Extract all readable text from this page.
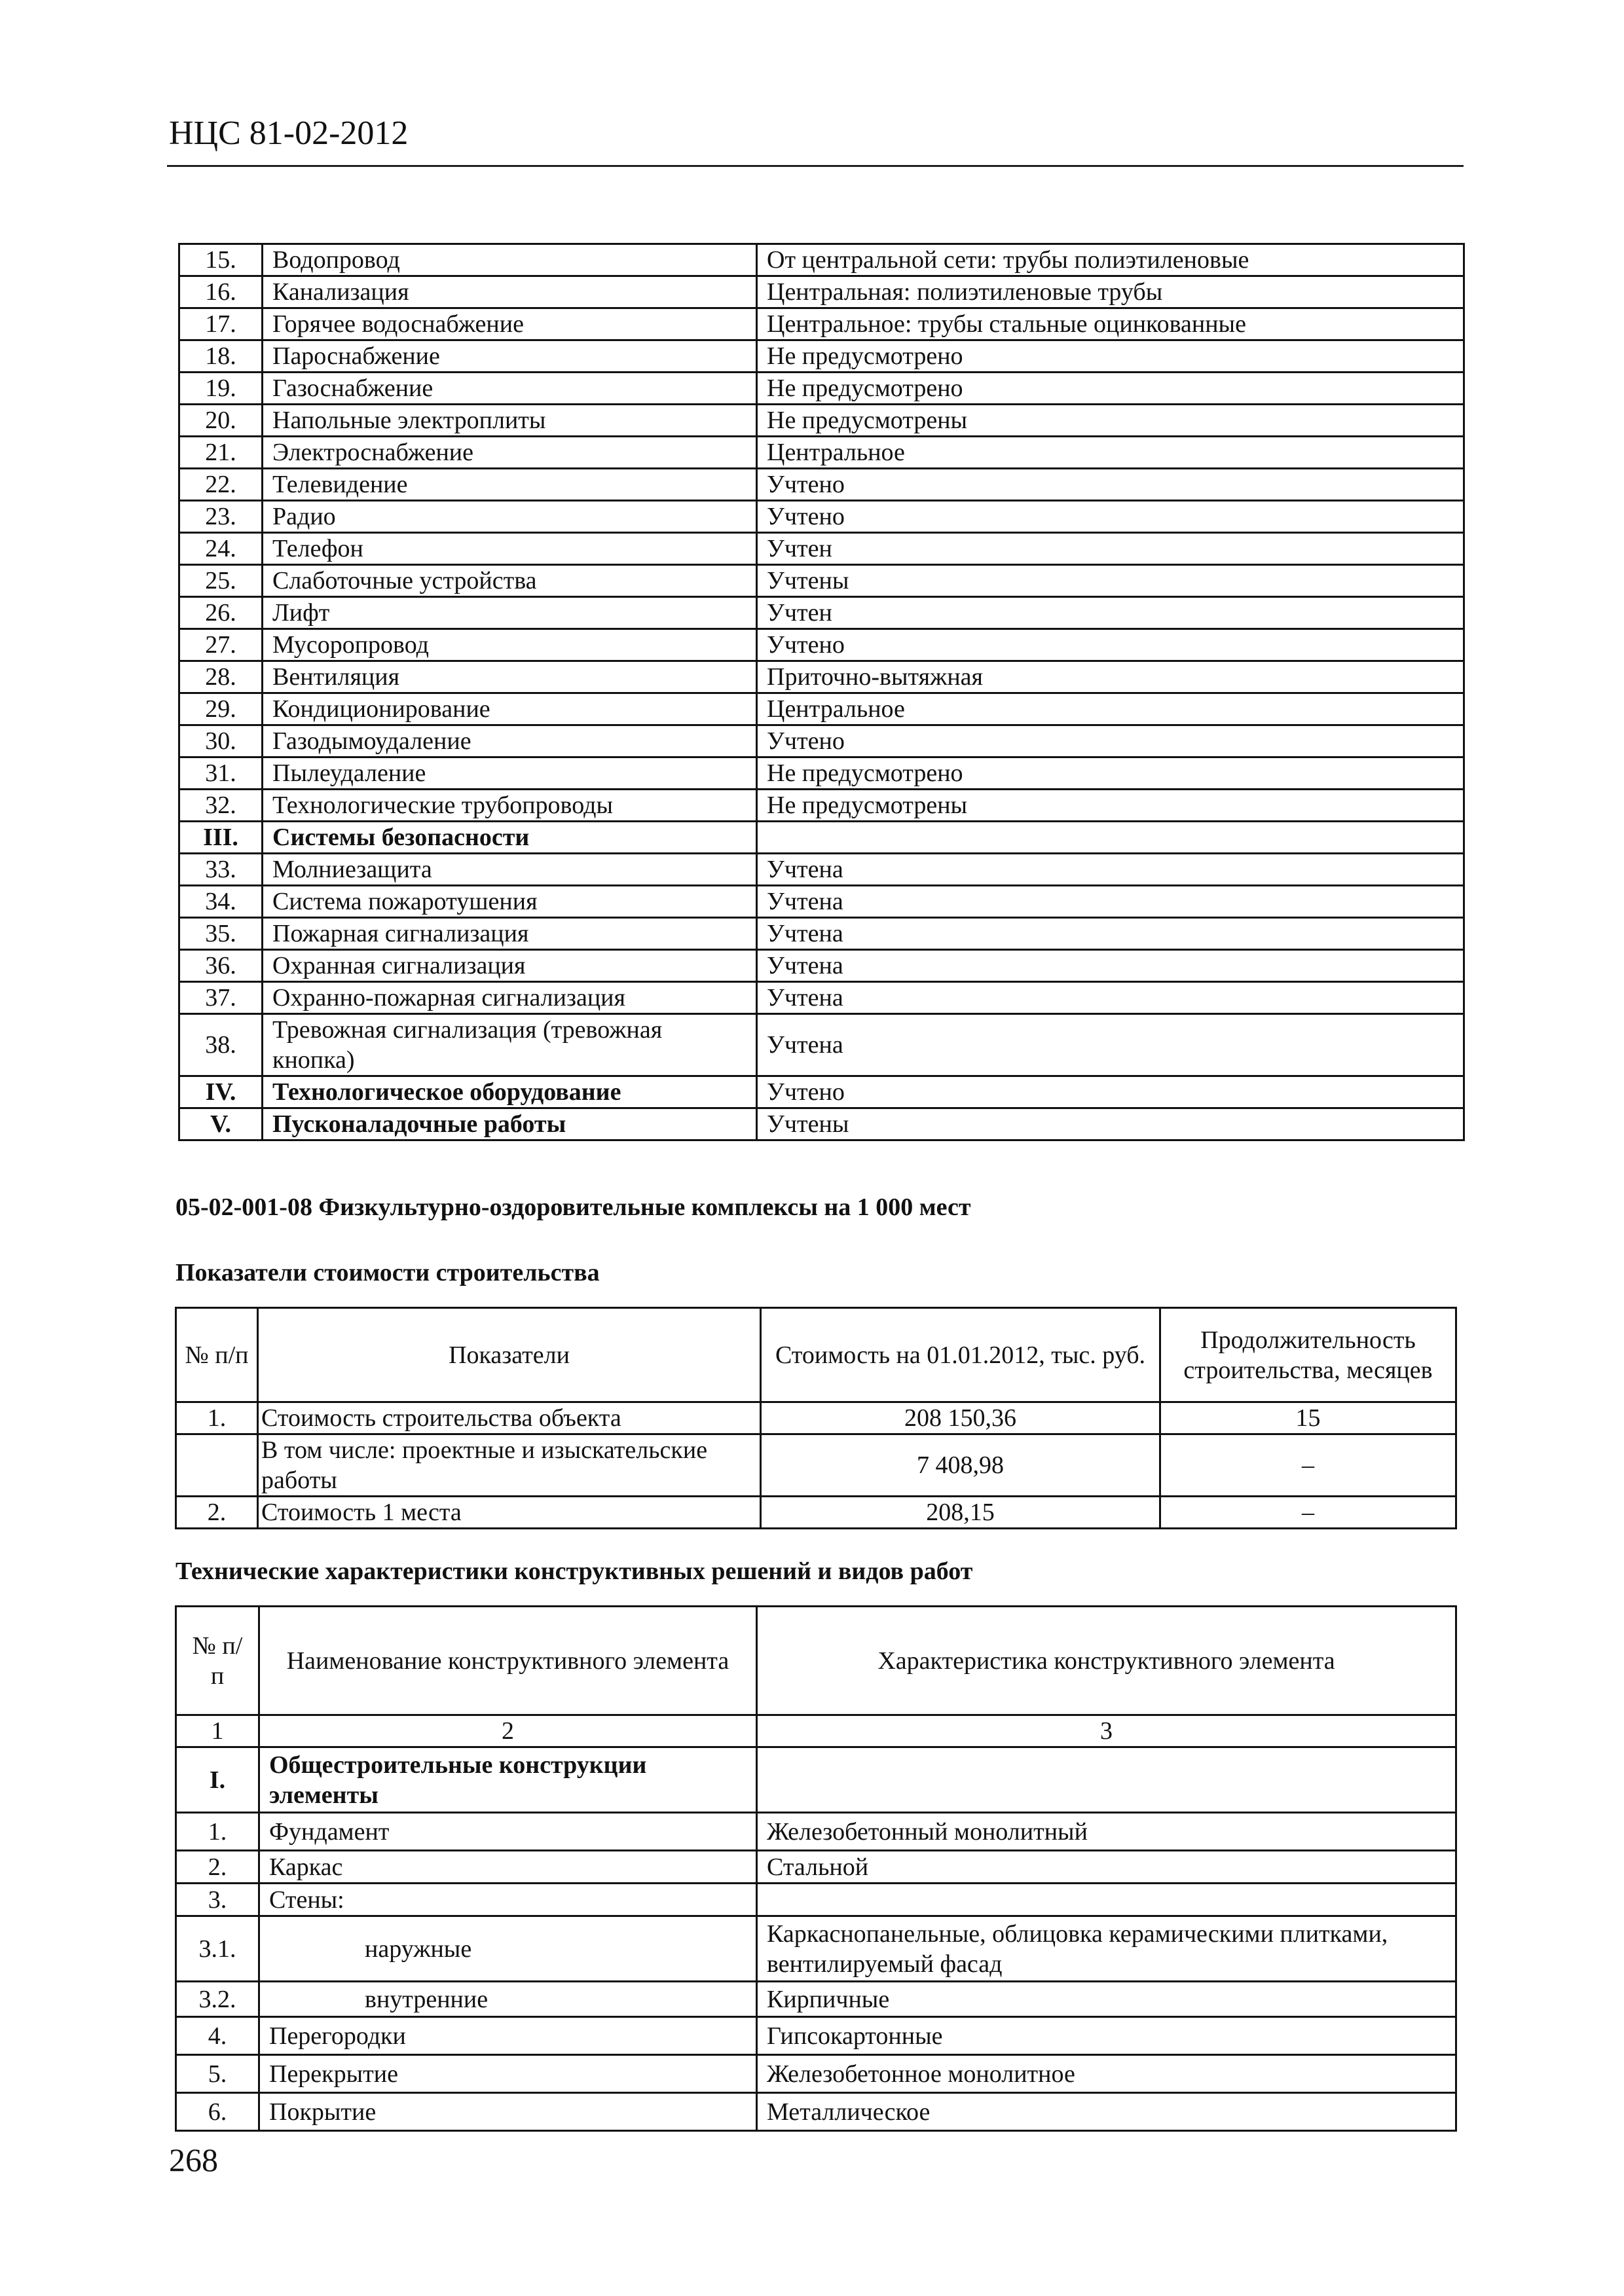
НЦС 81-02-2012
15.	Водопровод	От центральной сети: трубы полиэтиленовые
16.	Канализация	Центральная: полиэтиленовые трубы
17.	Горячее водоснабжение	Центральное: трубы стальные оцинкованные
18.	Пароснабжение	Не предусмотрено
19.	Газоснабжение	Не предусмотрено
20.	Напольные электроплиты	Не предусмотрены
21.	Электроснабжение	Центральное
22.	Телевидение	Учтено
23.	Радио	Учтено
24.	Телефон	Учтен
25.	Слаботочные устройства	Учтены
26.	Лифт	Учтен
27.	Мусоропровод	Учтено
28.	Вентиляция	Приточно-вытяжная
29.	Кондиционирование	Центральное
30.	Газодымоудаление	Учтено
31.	Пылеудаление	Не предусмотрено
32.	Технологические трубопроводы	Не предусмотрены
III.	Системы безопасности	
33.	Молниезащита	Учтена
34.	Система пожаротушения	Учтена
35.	Пожарная сигнализация	Учтена
36.	Охранная сигнализация	Учтена
37.	Охранно-пожарная сигнализация	Учтена
38.	Тревожная сигнализация (тревожная кнопка)	Учтена
IV.	Технологическое оборудование	Учтено
V.	Пусконаладочные работы	Учтены
05-02-001-08 Физкультурно-оздоровительные комплексы на 1 000 мест
Показатели стоимости строительства
№ п/п	Показатели	Стоимость на 01.01.2012, тыс. руб.	Продолжительность строительства, месяцев
1.	Стоимость строительства объекта	208 150,36	15
	В том числе: проектные и изыскательские работы	7 408,98	–
2.	Стоимость 1 места	208,15	–
Технические характеристики конструктивных решений и видов работ
№ п/п	Наименование конструктивного элемента	Характеристика конструктивного элемента
1	2	3
I.	Общестроительные конструкции элементы	
1.	Фундамент	Железобетонный монолитный
2.	Каркас	Стальной
3.	Стены:	
3.1.	наружные	Каркаснопанельные, облицовка керамическими плитками, вентилируемый фасад
3.2.	внутренние	Кирпичные
4.	Перегородки	Гипсокартонные
5.	Перекрытие	Железобетонное монолитное
6.	Покрытие	Металлическое
268
